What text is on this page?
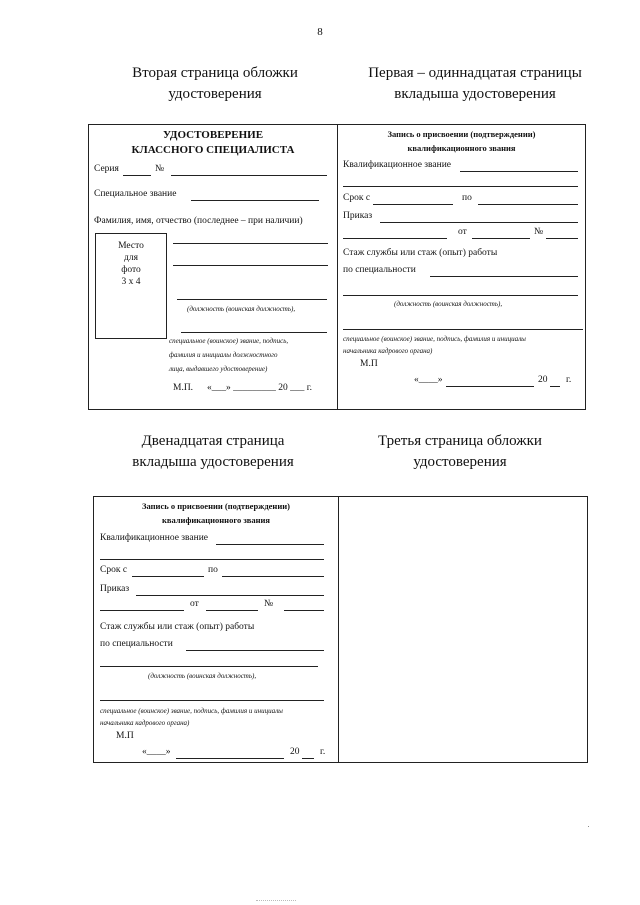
8
Вторая страница обложки
удостоверения
Первая – одиннадцатая страницы
вкладыша удостоверения
УДОСТОВЕРЕНИЕ
КЛАССНОГО СПЕЦИАЛИСТА
Серия	№
Специальное звание
Фамилия, имя, отчество (последнее – при наличии)
Место
для
фото
3 х 4
(должность (воинская должность),
специальное (воинское) звание, подпись,
фамилия и инициалы должностного
лица, выдавшего удостоверение)
М.П. «___» _________ 20 ___ г.
Запись о присвоении (подтверждении)
квалификационного звания
Квалификационное звание
Срок с	по
Приказ
от	№
Стаж службы или стаж (опыт) работы
по специальности
(должность (воинская должность),
специальное (воинское) звание, подпись, фамилия и инициалы
начальника кадрового органа)
М.П
«____»	20 г.
Двенадцатая страница
вкладыша удостоверения
Третья страница обложки
удостоверения
Запись о присвоении (подтверждении)
квалификационного звания
Квалификационное звание
Срок с	по
Приказ
от	№
Стаж службы или стаж (опыт) работы
по специальности
(должность (воинская должность),
специальное (воинское) звание, подпись, фамилия и инициалы
начальника кадрового органа)
М.П
«____»	20 г.
